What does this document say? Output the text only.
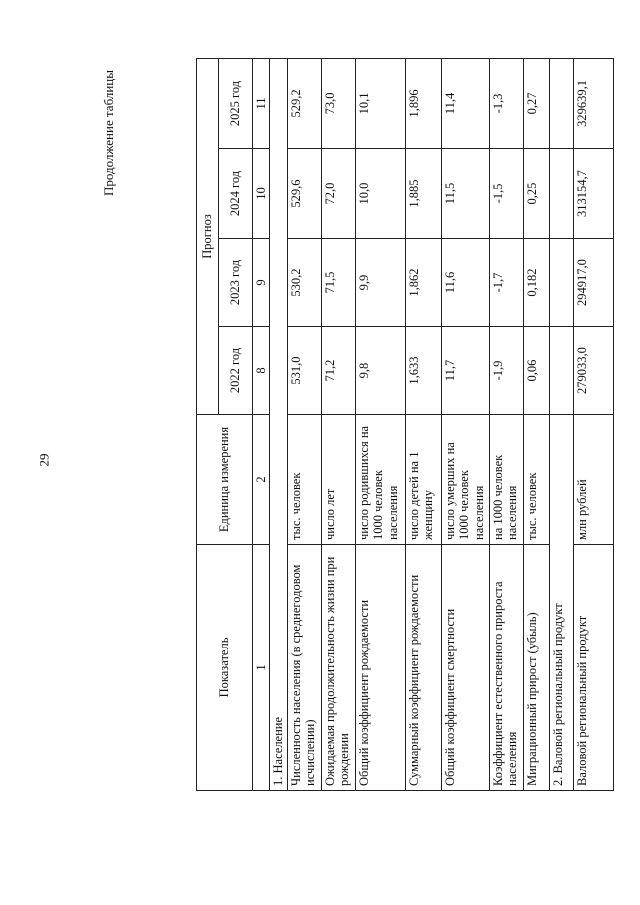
29
Продолжение таблицы
Показатель	Единица измерения	Прогноз			
		2022 год	2023 год	2024 год	2025 год
1	2	8	9	10	11
1. Население					
Численность населения (в среднегодовом исчислении)	тыс. человек	531,0	530,2	529,6	529,2
Ожидаемая продолжительность жизни при рождении	число лет	71,2	71,5	72,0	73,0
Общий коэффициент рождаемости	число родившихся на 1000 человек населения	9,8	9,9	10,0	10,1
Суммарный коэффициент рождаемости	число детей на 1 женщину	1,633	1,862	1,885	1,896
Общий коэффициент смертности	число умерших на 1000 человек населения	11,7	11,6	11,5	11,4
Коэффициент естественного прироста населения	на 1000 человек населения	-1,9	-1,7	-1,5	-1,3
Миграционный прирост (убыль)	тыс. человек	0,06	0,182	0,25	0,27
2. Валовой региональный продукт					
Валовой региональный продукт	млн рублей	279033,0	294917,0	313154,7	329639,1
